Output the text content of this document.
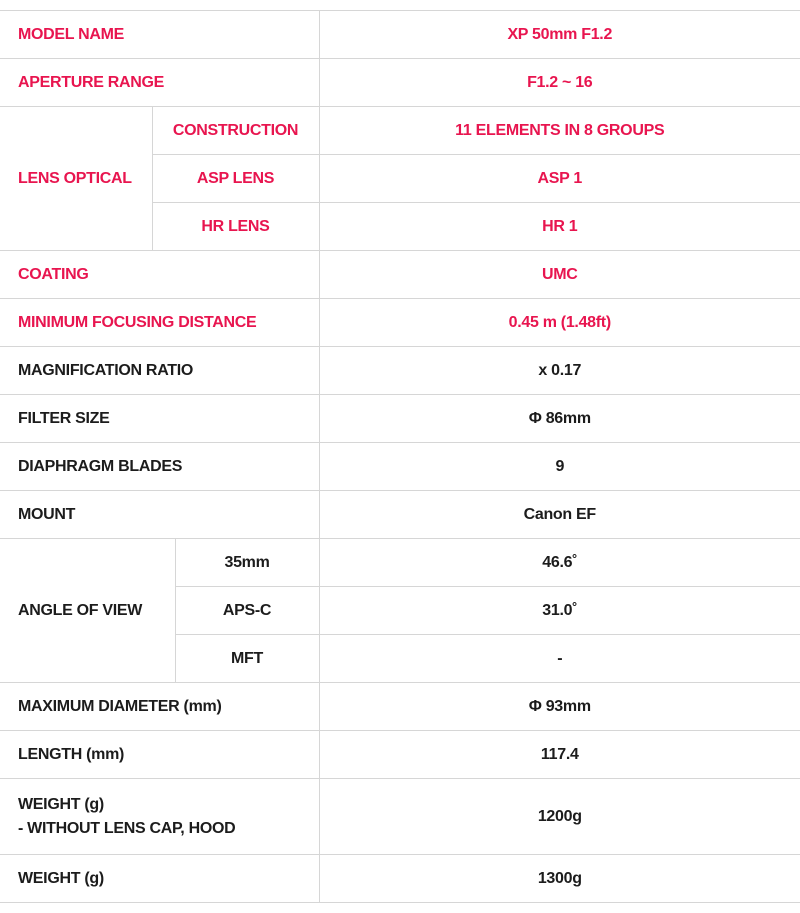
MODEL NAME			XP 50mm F1.2
APERTURE RANGE			F1.2 ~ 16
LENS OPTICAL	CONSTRUCTION		11 ELEMENTS IN 8 GROUPS
	ASP LENS		ASP 1
	HR LENS		HR 1
COATING			UMC
MINIMUM FOCUSING DISTANCE			0.45 m (1.48ft)
MAGNIFICATION RATIO			x 0.17
FILTER SIZE			Φ 86mm
DIAPHRAGM BLADES			9
MOUNT			Canon EF
ANGLE OF VIEW		35mm	46.6˚
		APS-C	31.0˚
		MFT	-
MAXIMUM DIAMETER (mm)			Φ 93mm
LENGTH (mm)			117.4

WEIGHT (g)
- WITHOUT LENS CAP, HOOD			1200g
WEIGHT (g)			1300g
